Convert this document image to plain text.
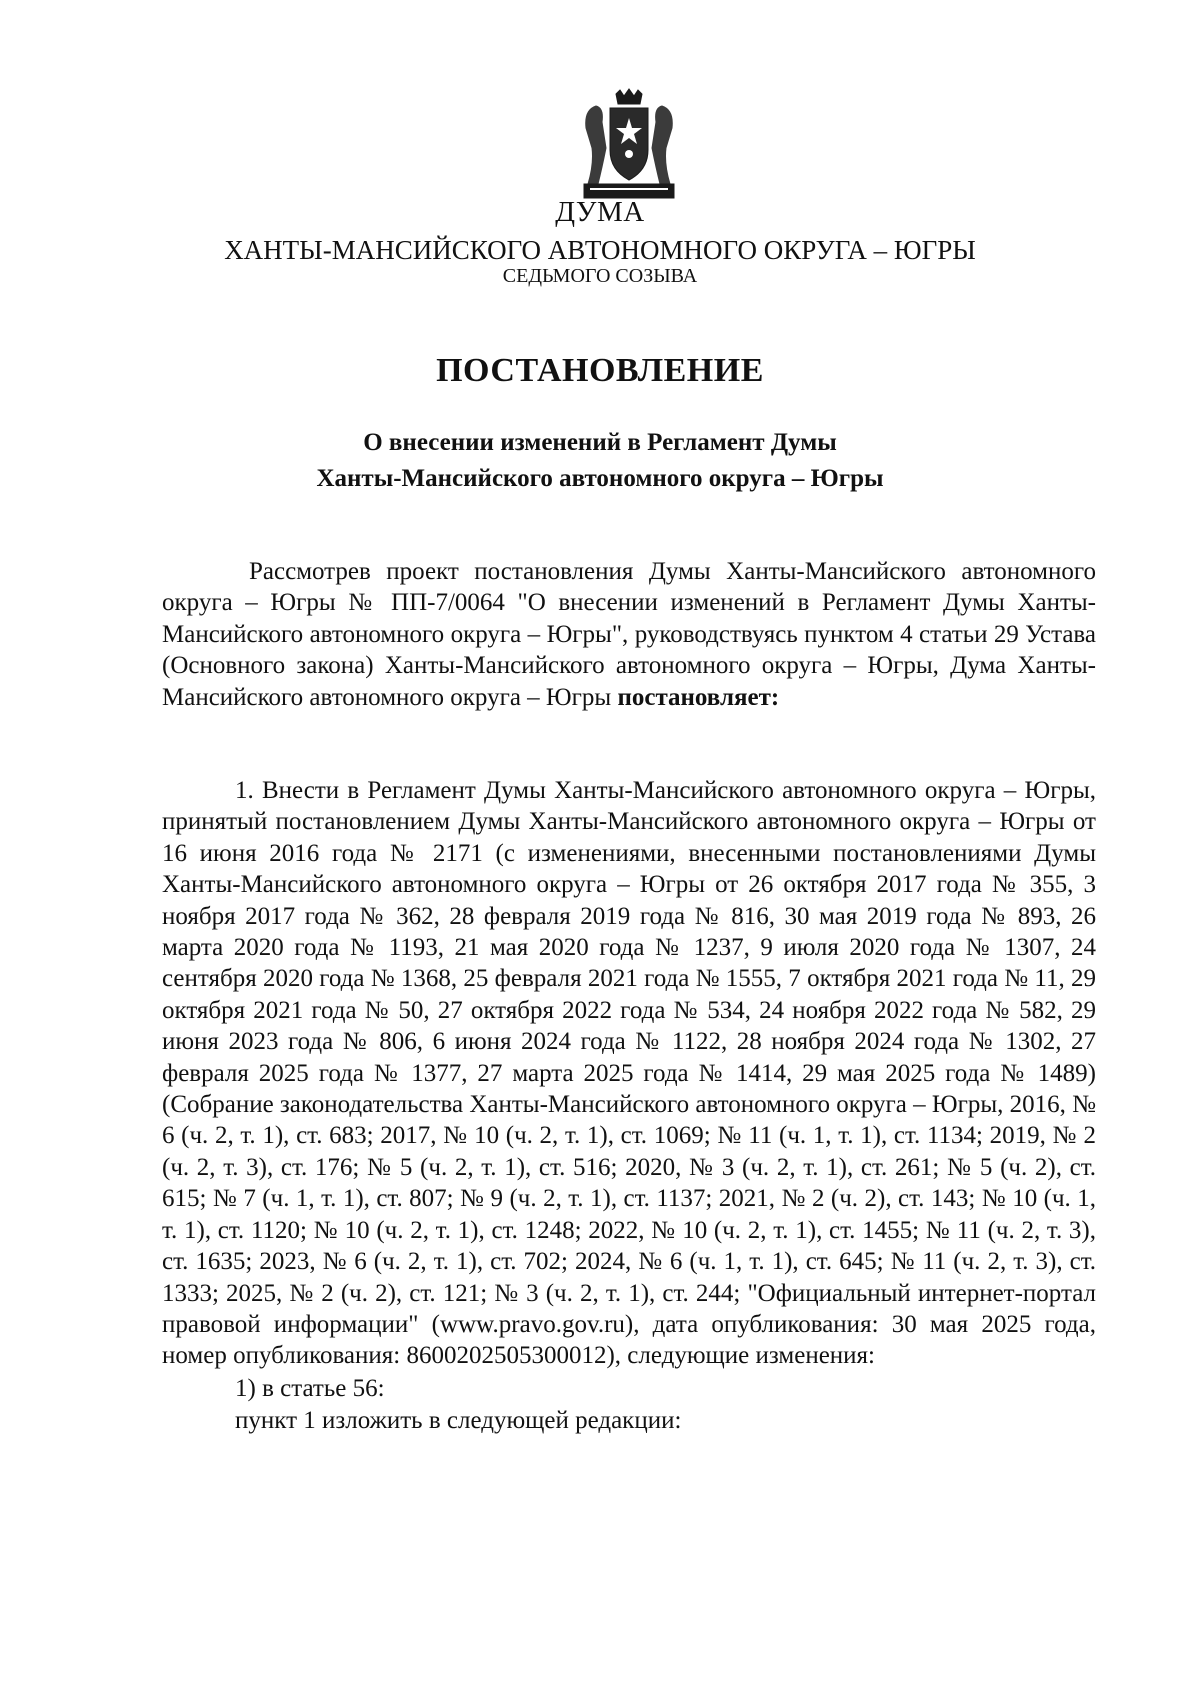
ДУМА
ХАНТЫ-МАНСИЙСКОГО АВТОНОМНОГО ОКРУГА – ЮГРЫ
СЕДЬМОГО СОЗЫВА
ПОСТАНОВЛЕНИЕ
О внесении изменений в Регламент Думы
Ханты-Мансийского автономного округа – Югры
Рассмотрев проект постановления Думы Ханты-Мансийского автономного округа – Югры № ПП-7/0064 "О внесении изменений в Регламент Думы Ханты-Мансийского автономного округа – Югры", руководствуясь пунктом 4 статьи 29 Устава (Основного закона) Ханты-Мансийского автономного округа – Югры, Дума Ханты-Мансийского автономного округа – Югры постановляет:
1. Внести в Регламент Думы Ханты-Мансийского автономного округа – Югры, принятый постановлением Думы Ханты-Мансийского автономного округа – Югры от 16 июня 2016 года № 2171 (с изменениями, внесенными постановлениями Думы Ханты-Мансийского автономного округа – Югры от 26 октября 2017 года № 355, 3 ноября 2017 года № 362, 28 февраля 2019 года № 816, 30 мая 2019 года № 893, 26 марта 2020 года № 1193, 21 мая 2020 года № 1237, 9 июля 2020 года № 1307, 24 сентября 2020 года № 1368, 25 февраля 2021 года № 1555, 7 октября 2021 года № 11, 29 октября 2021 года № 50, 27 октября 2022 года № 534, 24 ноября 2022 года № 582, 29 июня 2023 года № 806, 6 июня 2024 года № 1122, 28 ноября 2024 года № 1302, 27 февраля 2025 года № 1377, 27 марта 2025 года № 1414, 29 мая 2025 года № 1489) (Собрание законодательства Ханты-Мансийского автономного округа – Югры, 2016, № 6 (ч. 2, т. 1), ст. 683; 2017, № 10 (ч. 2, т. 1), ст. 1069; № 11 (ч. 1, т. 1), ст. 1134; 2019, № 2 (ч. 2, т. 3), ст. 176; № 5 (ч. 2, т. 1), ст. 516; 2020, № 3 (ч. 2, т. 1), ст. 261; № 5 (ч. 2), ст. 615; № 7 (ч. 1, т. 1), ст. 807; № 9 (ч. 2, т. 1), ст. 1137; 2021, № 2 (ч. 2), ст. 143; № 10 (ч. 1, т. 1), ст. 1120; № 10 (ч. 2, т. 1), ст. 1248; 2022, № 10 (ч. 2, т. 1), ст. 1455; № 11 (ч. 2, т. 3), ст. 1635; 2023, № 6 (ч. 2, т. 1), ст. 702; 2024, № 6 (ч. 1, т. 1), ст. 645; № 11 (ч. 2, т. 3), ст. 1333; 2025, № 2 (ч. 2), ст. 121; № 3 (ч. 2, т. 1), ст. 244; "Официальный интернет-портал правовой информации" (www.pravo.gov.ru), дата опубликования: 30 мая 2025 года, номер опубликования: 8600202505300012), следующие изменения:
1) в статье 56:
пункт 1 изложить в следующей редакции:
